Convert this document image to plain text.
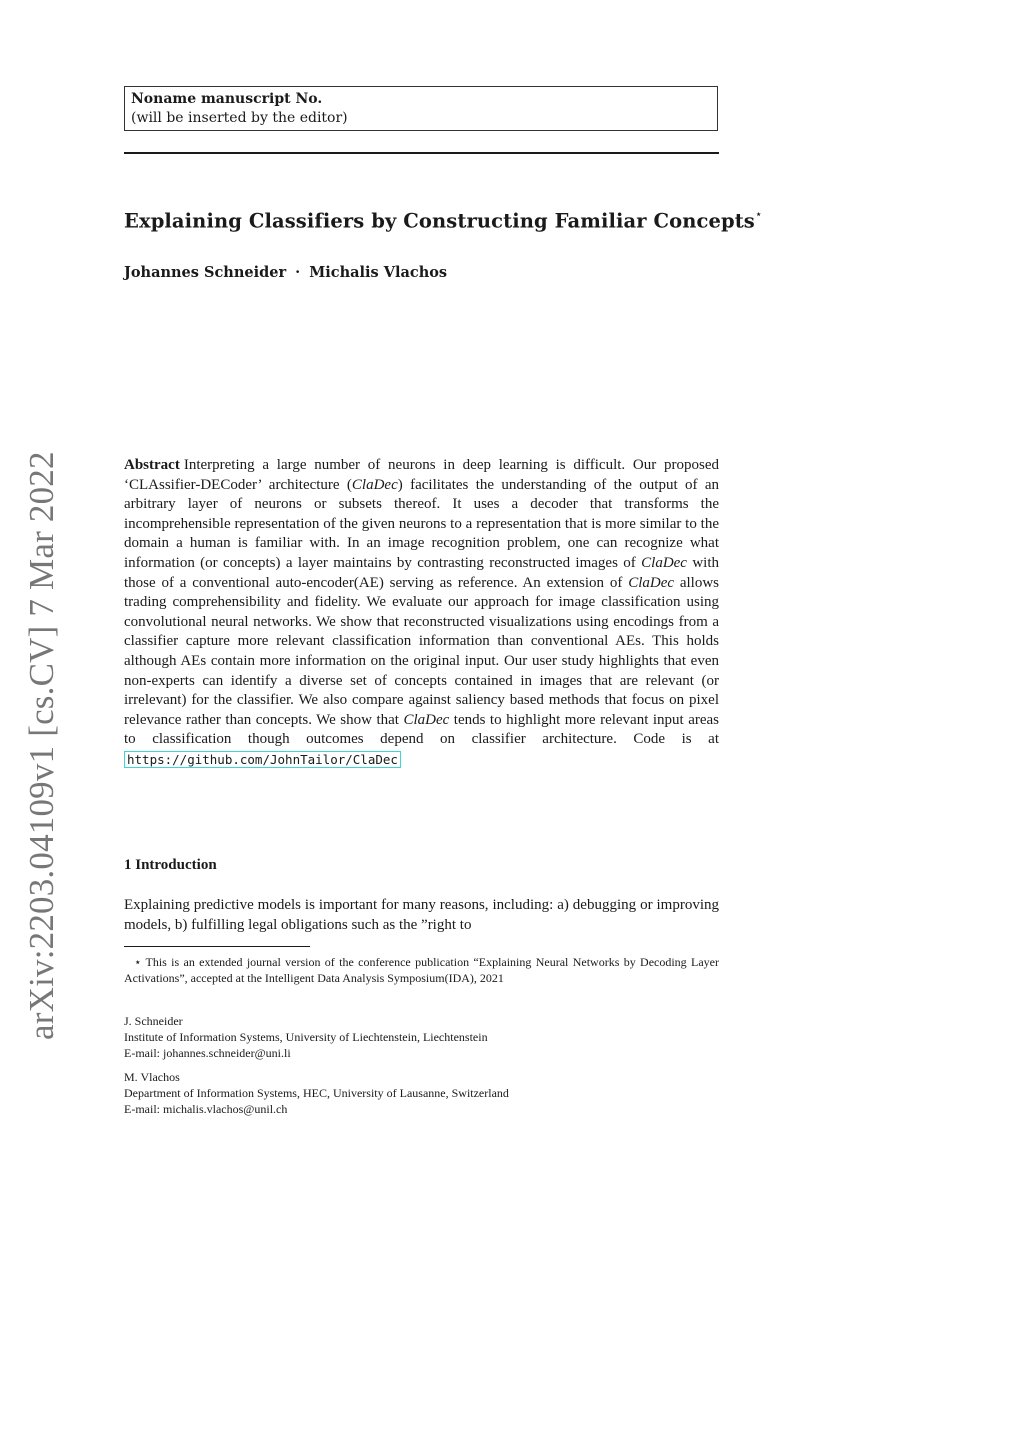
Noname manuscript No.
(will be inserted by the editor)
Explaining Classifiers by Constructing Familiar Concepts⋆
Johannes Schneider · Michalis Vlachos
arXiv:2203.04109v1 [cs.CV] 7 Mar 2022	Abstract Interpreting a large number of neurons in deep learning is difficult. Our proposed ‘CLAssifier-DECoder’ architecture (ClaDec) facilitates the understanding of the output of an arbitrary layer of neurons or subsets thereof. It uses a decoder that transforms the incomprehensible representation of the given neurons to a representation that is more similar to the domain a human is familiar with. In an image recognition problem, one can recognize what information (or concepts) a layer maintains by contrasting reconstructed images of ClaDec with those of a conventional auto-encoder(AE) serving as reference. An extension of ClaDec allows trading comprehensibility and fidelity. We evaluate our approach for image classification using convolutional neural networks. We show that reconstructed visualizations using encodings from a classifier capture more relevant classification information than conventional AEs. This holds although AEs contain more information on the original input. Our user study highlights that even non-experts can identify a diverse set of concepts contained in images that are relevant (or irrelevant) for the classifier. We also compare against saliency based methods that focus on pixel relevance rather than concepts. We show that ClaDec tends to highlight more relevant input areas to classification though outcomes depend on classifier architecture. Code is at https://github.com/JohnTailor/ClaDec
1 Introduction
Explaining predictive models is important for many reasons, including: a) debugging or improving models, b) fulfilling legal obligations such as the ”right to
⋆ This is an extended journal version of the conference publication “Explaining Neural Networks by Decoding Layer Activations”, accepted at the Intelligent Data Analysis Symposium(IDA), 2021
J. Schneider
Institute of Information Systems, University of Liechtenstein, Liechtenstein
E-mail: johannes.schneider@uni.li
M. Vlachos
Department of Information Systems, HEC, University of Lausanne, Switzerland
E-mail: michalis.vlachos@unil.ch
